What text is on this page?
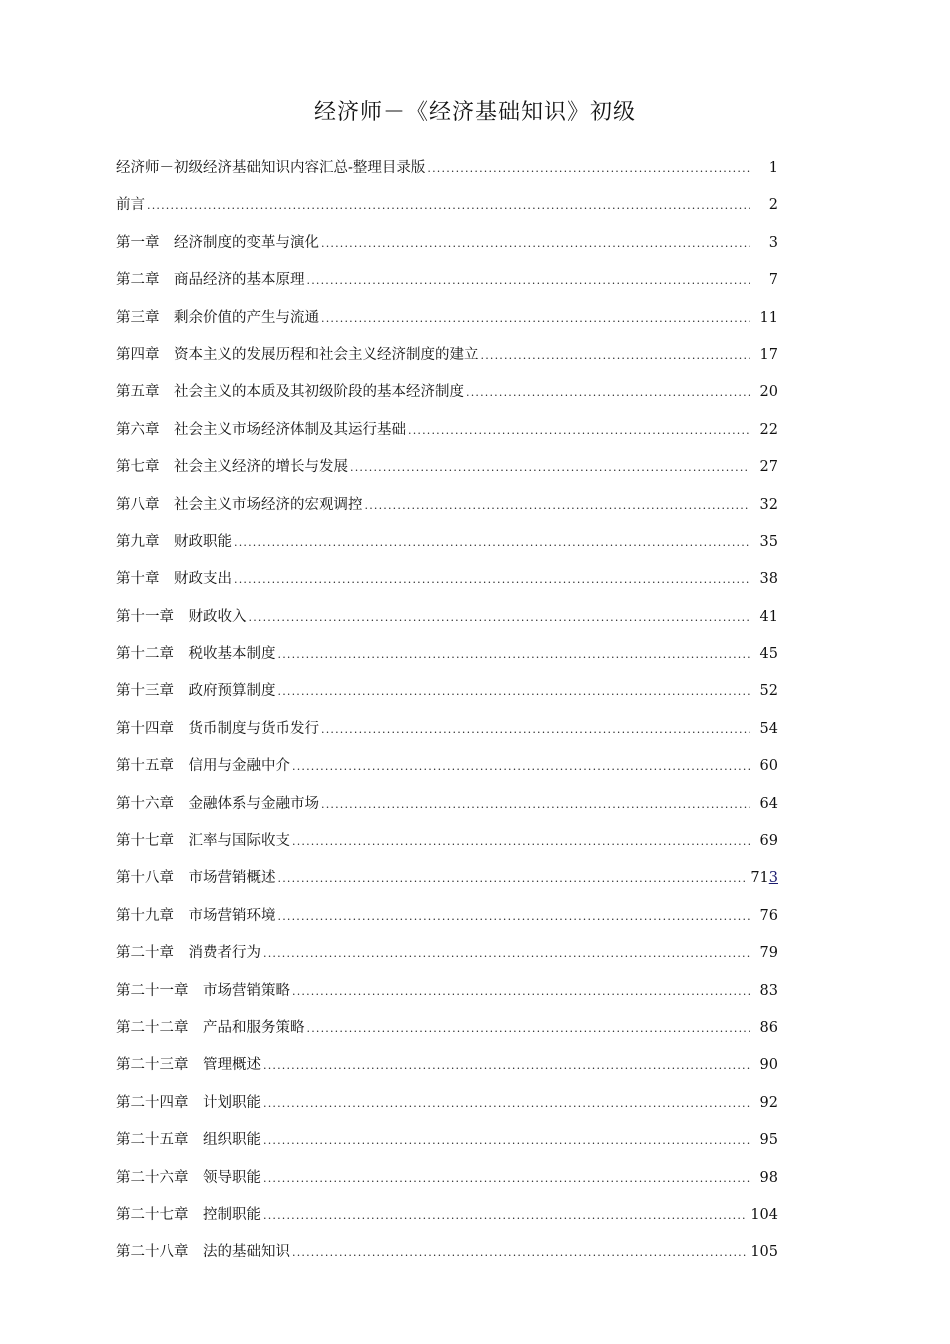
经济师－《经济基础知识》初级
经济师－初级经济基础知识内容汇总-整理目录版 .....	1
前言 .....	2
第一章　经济制度的变革与演化 .....	3
第二章　商品经济的基本原理 .....	7
第三章　剩余价值的产生与流通 .....	11
第四章　资本主义的发展历程和社会主义经济制度的建立 .....	17
第五章　社会主义的本质及其初级阶段的基本经济制度 .....	20
第六章　社会主义市场经济体制及其运行基础 .....	22
第七章　社会主义经济的增长与发展 .....	27
第八章　社会主义市场经济的宏观调控 .....	32
第九章　财政职能 .....	35
第十章　财政支出 .....	38
第十一章　财政收入 .....	41
第十二章　税收基本制度 .....	45
第十三章　政府预算制度 .....	52
第十四章　货币制度与货币发行 .....	54
第十五章　信用与金融中介 .....	60
第十六章　金融体系与金融市场 .....	64
第十七章　汇率与国际收支 .....	69
第十八章　市场营销概述 .....	713
第十九章　市场营销环境 .....	76
第二十章　消费者行为 .....	79
第二十一章　市场营销策略 .....	83
第二十二章　产品和服务策略 .....	86
第二十三章　管理概述 .....	90
第二十四章　计划职能 .....	92
第二十五章　组织职能 .....	95
第二十六章　领导职能 .....	98
第二十七章　控制职能 .....	104
第二十八章　法的基础知识 .....	105
